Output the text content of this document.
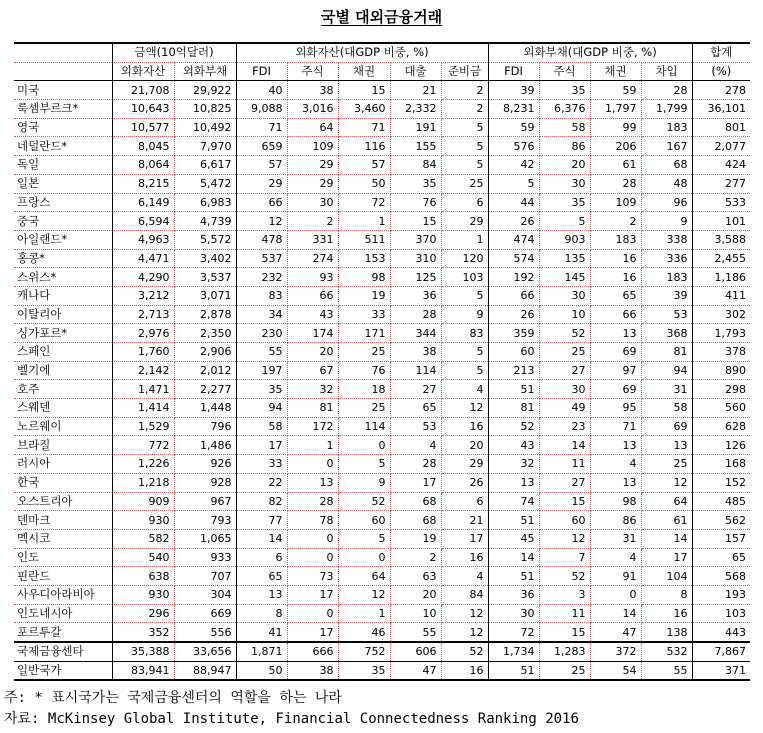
국별 대외금융거래
	금액(10억달러)		외화자산(대GDP 비중, %)					외화부채(대GDP 비중, %)				합계
	외화자산	외화부채	FDI	주식	채권	대출	준비금	FDI	주식	채권	차입	(%)
미국	21,708	29,922	40	38	15	21	2	39	35	59	28	278
룩셈부르크*	10,643	10,825	9,088	3,016	3,460	2,332	2	8,231	6,376	1,797	1,799	36,101
영국	10,577	10,492	71	64	71	191	5	59	58	99	183	801
네덜란드*	8,045	7,970	659	109	116	155	5	576	86	206	167	2,077
독일	8,064	6,617	57	29	57	84	5	42	20	61	68	424
일본	8,215	5,472	29	29	50	35	25	5	30	28	48	277
프랑스	6,149	6,983	66	30	72	76	6	44	35	109	96	533
중국	6,594	4,739	12	2	1	15	29	26	5	2	9	101
아일랜드*	4,963	5,572	478	331	511	370	1	474	903	183	338	3,588
홍콩*	4,471	3,402	537	274	153	310	120	574	135	16	336	2,455
스위스*	4,290	3,537	232	93	98	125	103	192	145	16	183	1,186
캐나다	3,212	3,071	83	66	19	36	5	66	30	65	39	411
이탈리아	2,713	2,878	34	43	33	28	9	26	10	66	53	302
싱가포르*	2,976	2,350	230	174	171	344	83	359	52	13	368	1,793
스페인	1,760	2,906	55	20	25	38	5	60	25	69	81	378
벨기에	2,142	2,012	197	67	76	114	5	213	27	97	94	890
호주	1,471	2,277	35	32	18	27	4	51	30	69	31	298
스웨덴	1,414	1,448	94	81	25	65	12	81	49	95	58	560
노르웨이	1,529	796	58	172	114	53	16	52	23	71	69	628
브라질	772	1,486	17	1	0	4	20	43	14	13	13	126
러시아	1,226	926	33	0	5	28	29	32	11	4	25	168
한국	1,218	928	22	13	9	17	26	13	27	13	12	152
오스트리아	909	967	82	28	52	68	6	74	15	98	64	485
덴마크	930	793	77	78	60	68	21	51	60	86	61	562
멕시코	582	1,065	14	0	5	19	17	45	12	31	14	157
인도	540	933	6	0	0	2	16	14	7	4	17	65
핀란드	638	707	65	73	64	63	4	51	52	91	104	568
사우디아라비아	930	304	13	17	12	20	84	36	3	0	8	193
인도네시아	296	669	8	0	1	10	12	30	11	14	16	103
포르투갈	352	556	41	17	46	55	12	72	15	47	138	443
국제금융센타	35,388	33,656	1,871	666	752	606	52	1,734	1,283	372	532	7,867
일반국가	83,941	88,947	50	38	35	47	16	51	25	54	55	371
주: * 표시국가는 국제금융센터의 역할을 하는 나라
자료: McKinsey Global Institute, Financial Connectedness Ranking 2016
